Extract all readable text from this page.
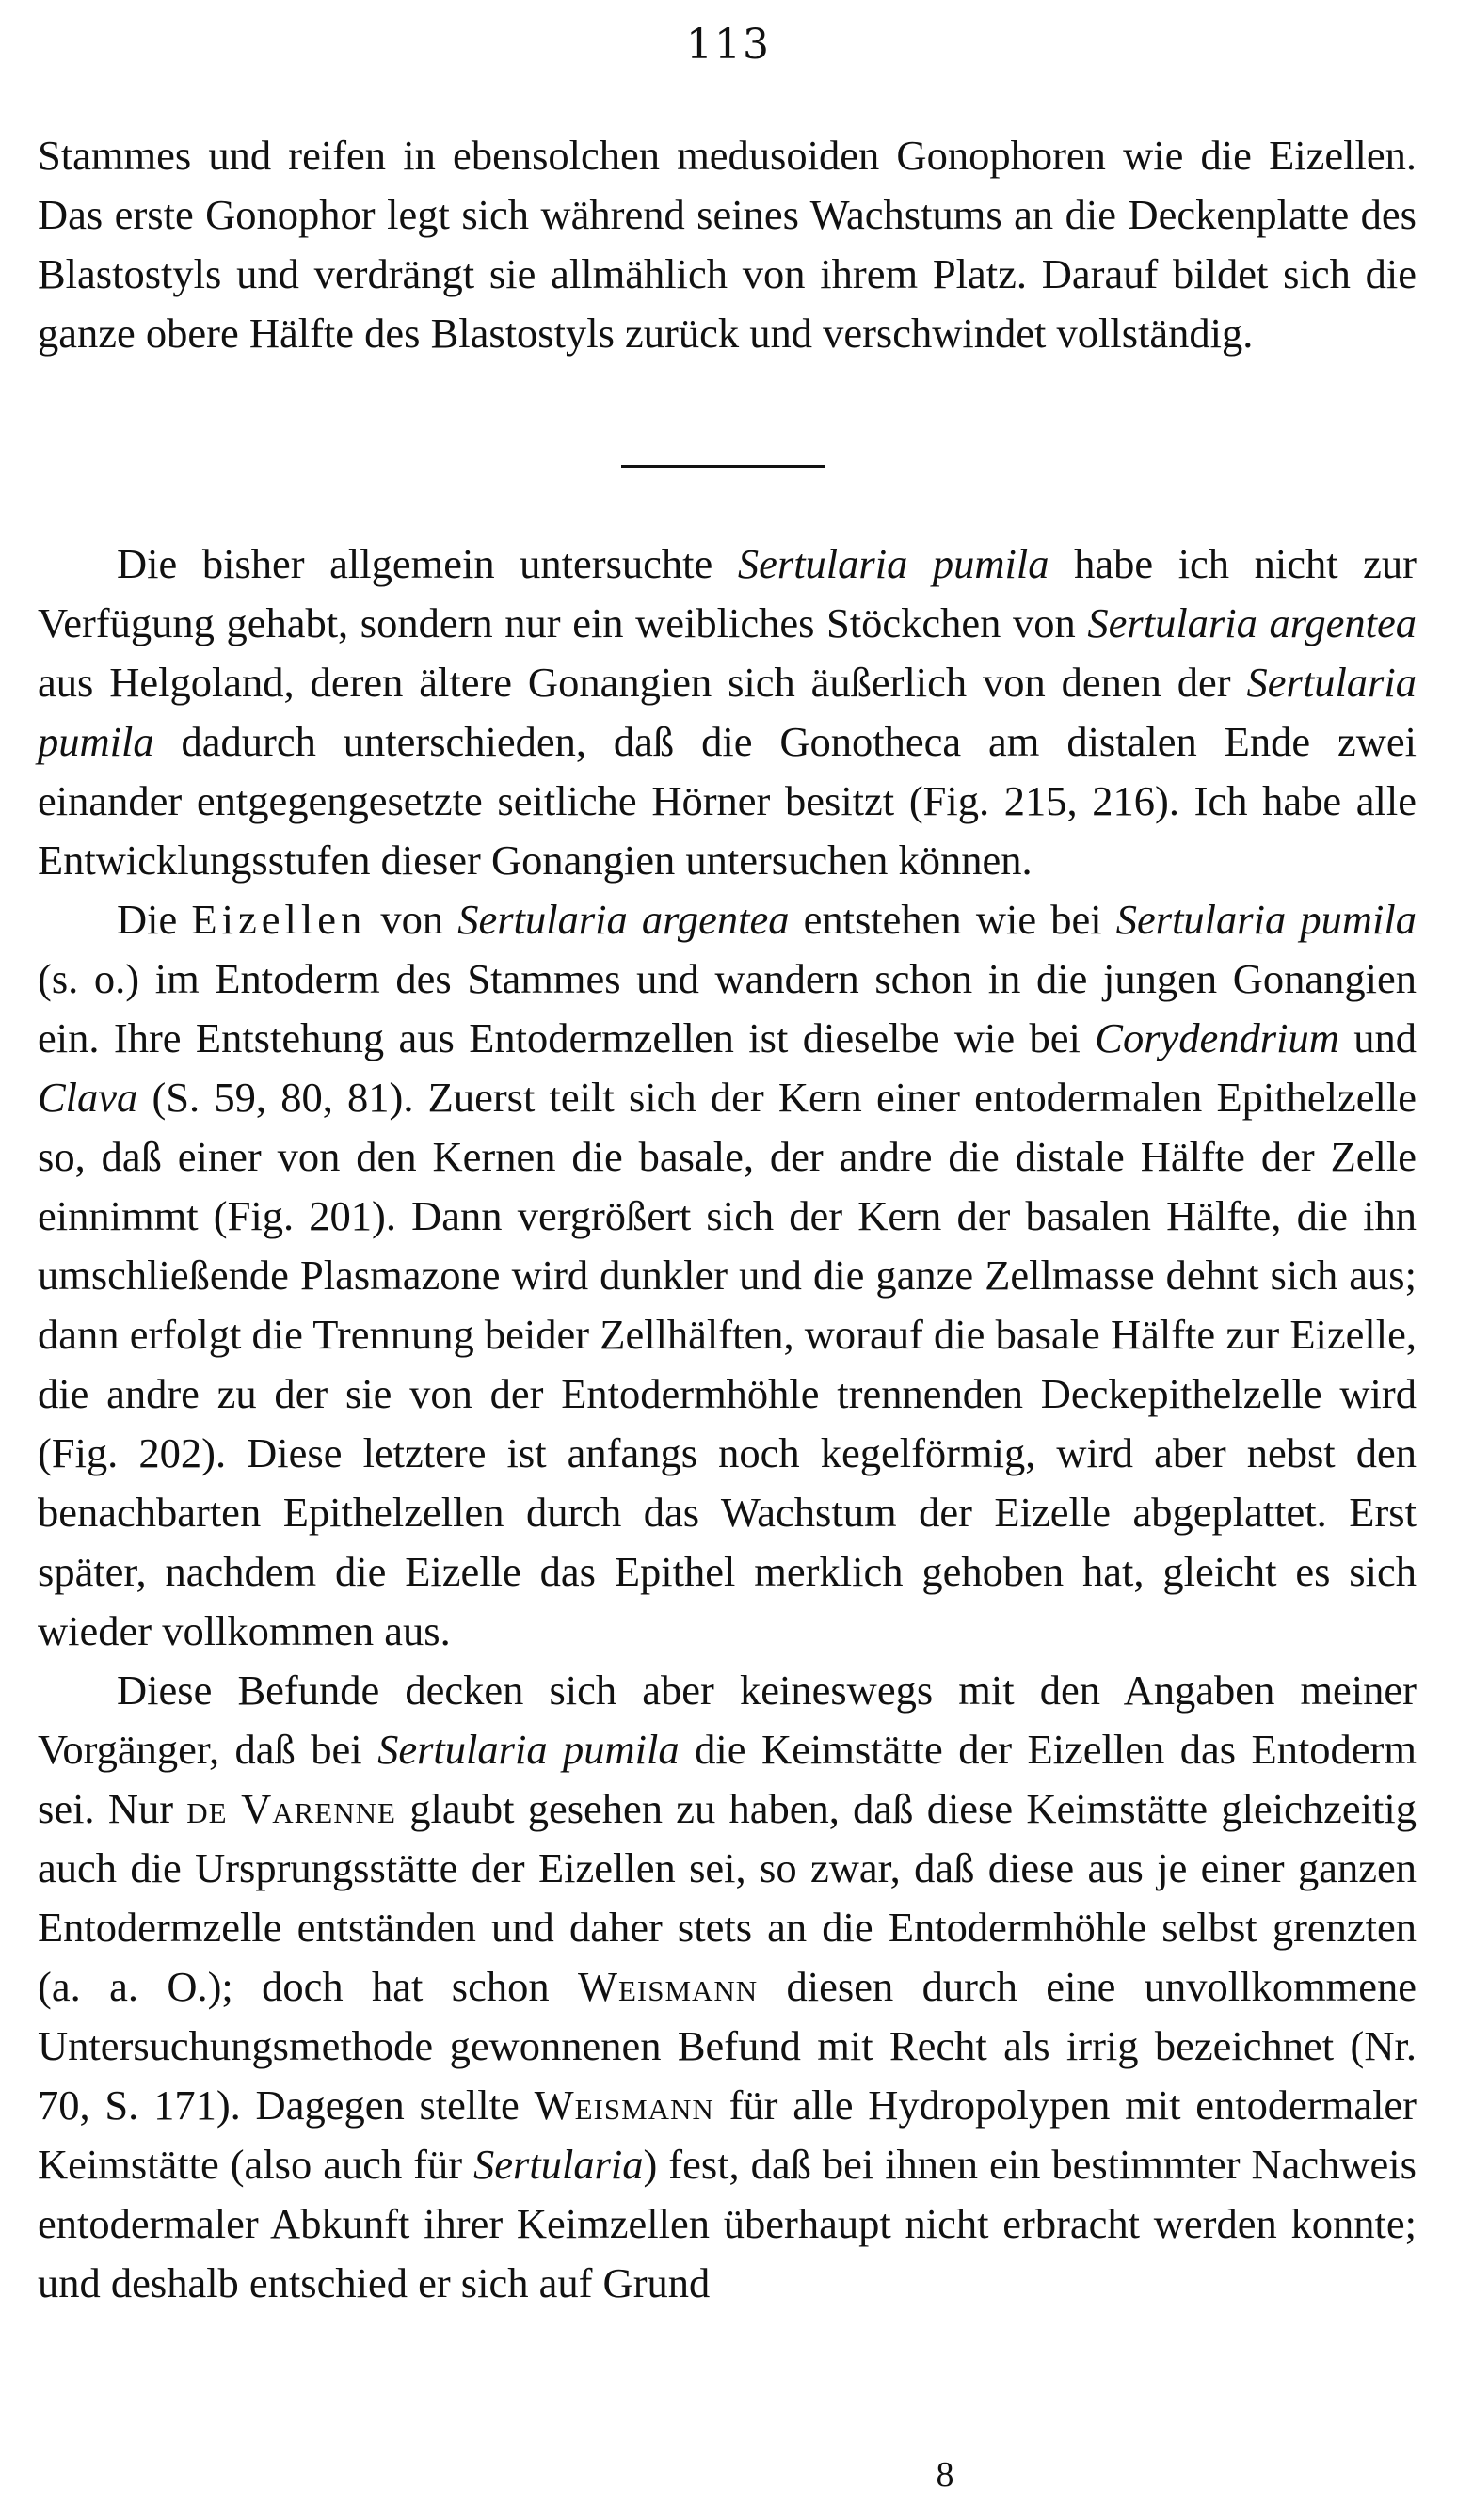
113

Stammes und reifen in ebensolchen medusoiden Gonophoren wie die Eizellen. Das erste Gonophor legt sich während seines Wachstums an die Deckenplatte des Blastostyls und verdrängt sie allmählich von ihrem Platz. Darauf bildet sich die ganze obere Hälfte des Blastostyls zurück und verschwindet vollständig.

Die bisher allgemein untersuchte Sertularia pumila habe ich nicht zur Verfügung gehabt, sondern nur ein weibliches Stöckchen von Sertularia argentea aus Helgoland, deren ältere Gonangien sich äußerlich von denen der Sertularia pumila dadurch unterschieden, daß die Gonotheca am distalen Ende zwei einander entgegengesetzte seitliche Hörner besitzt (Fig. 215, 216). Ich habe alle Entwicklungsstufen dieser Gonangien untersuchen können.

Die Eizellen von Sertularia argentea entstehen wie bei Sertularia pumila (s. o.) im Entoderm des Stammes und wandern schon in die jungen Gonangien ein. Ihre Entstehung aus Entodermzellen ist dieselbe wie bei Corydendrium und Clava (S. 59, 80, 81). Zuerst teilt sich der Kern einer entodermalen Epithelzelle so, daß einer von den Kernen die basale, der andre die distale Hälfte der Zelle einnimmt (Fig. 201). Dann vergrößert sich der Kern der basalen Hälfte, die ihn umschließende Plasmazone wird dunkler und die ganze Zellmasse dehnt sich aus; dann erfolgt die Trennung beider Zellhälften, worauf die basale Hälfte zur Eizelle, die andre zu der sie von der Entodermhöhle trennenden Deckepithelzelle wird (Fig. 202). Diese letztere ist anfangs noch kegelförmig, wird aber nebst den benachbarten Epithelzellen durch das Wachstum der Eizelle abgeplattet. Erst später, nachdem die Eizelle das Epithel merklich gehoben hat, gleicht es sich wieder vollkommen aus.

Diese Befunde decken sich aber keineswegs mit den Angaben meiner Vorgänger, daß bei Sertularia pumila die Keimstätte der Eizellen das Entoderm sei. Nur de Varenne glaubt gesehen zu haben, daß diese Keimstätte gleichzeitig auch die Ursprungsstätte der Eizellen sei, so zwar, daß diese aus je einer ganzen Entodermzelle entständen und daher stets an die Entodermhöhle selbst grenzten (a. a. O.); doch hat schon Weismann diesen durch eine unvollkommene Untersuchungsmethode gewonnenen Befund mit Recht als irrig bezeichnet (Nr. 70, S. 171). Dagegen stellte Weismann für alle Hydropolypen mit entodermaler Keimstätte (also auch für Sertularia) fest, daß bei ihnen ein bestimmter Nachweis entodermaler Abkunft ihrer Keimzellen überhaupt nicht erbracht werden konnte; und deshalb entschied er sich auf Grund

8
